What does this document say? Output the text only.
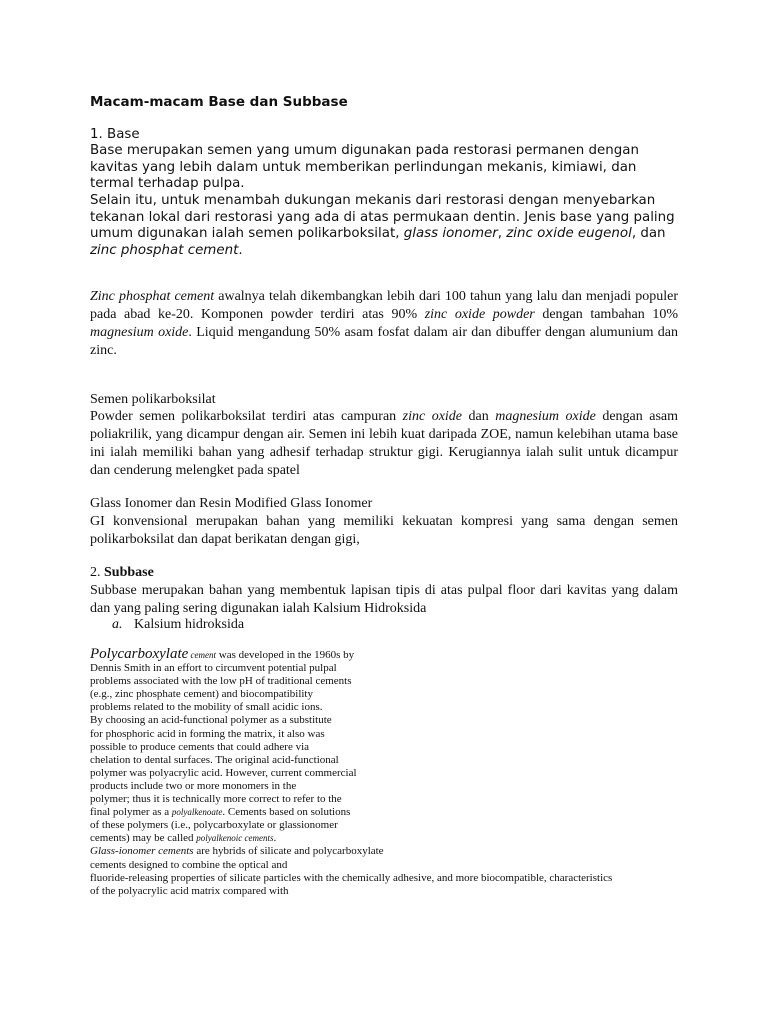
Macam-macam Base dan Subbase
1. Base
Base merupakan semen yang umum digunakan pada restorasi permanen dengan kavitas yang lebih dalam untuk memberikan perlindungan mekanis, kimiawi, dan termal terhadap pulpa.
Selain itu, untuk menambah dukungan mekanis dari restorasi dengan menyebarkan tekanan lokal dari restorasi yang ada di atas permukaan dentin. Jenis base yang paling umum digunakan ialah semen polikarboksilat, glass ionomer, zinc oxide eugenol, dan zinc phosphat cement.
Zinc phosphat cement awalnya telah dikembangkan lebih dari 100 tahun yang lalu dan menjadi populer pada abad ke-20. Komponen powder terdiri atas 90% zinc oxide powder dengan tambahan 10% magnesium oxide. Liquid mengandung 50% asam fosfat dalam air dan dibuffer dengan alumunium dan zinc.
Semen polikarboksilat
Powder semen polikarboksilat terdiri atas campuran zinc oxide dan magnesium oxide dengan asam poliakrilik, yang dicampur dengan air. Semen ini lebih kuat daripada ZOE, namun kelebihan utama base ini ialah memiliki bahan yang adhesif terhadap struktur gigi. Kerugiannya ialah sulit untuk dicampur dan cenderung melengket pada spatel
Glass Ionomer dan Resin Modified Glass Ionomer
GI konvensional merupakan bahan yang memiliki kekuatan kompresi yang sama dengan semen polikarboksilat dan dapat berikatan dengan gigi,
2. Subbase
Subbase merupakan bahan yang membentuk lapisan tipis di atas pulpal floor dari kavitas yang dalam dan yang paling sering digunakan ialah Kalsium Hidroksida
a. Kalsium hidroksida
Polycarboxylate cement was developed in the 1960s by
Dennis Smith in an effort to circumvent potential pulpal
problems associated with the low pH of traditional cements
(e.g., zinc phosphate cement) and biocompatibility
problems related to the mobility of small acidic ions.
By choosing an acid-functional polymer as a substitute
for phosphoric acid in forming the matrix, it also was
possible to produce cements that could adhere via
chelation to dental surfaces. The original acid-functional
polymer was polyacrylic acid. However, current commercial
products include two or more monomers in the
polymer; thus it is technically more correct to refer to the
final polymer as a polyalkenoate. Cements based on solutions
of these polymers (i.e., polycarboxylate or glassionomer
cements) may be called polyalkenoic cements.
Glass-ionomer cements are hybrids of silicate and polycarboxylate
cements designed to combine the optical and
fluoride-releasing properties of silicate particles with the chemically adhesive, and more biocompatible, characteristics
of the polyacrylic acid matrix compared with
